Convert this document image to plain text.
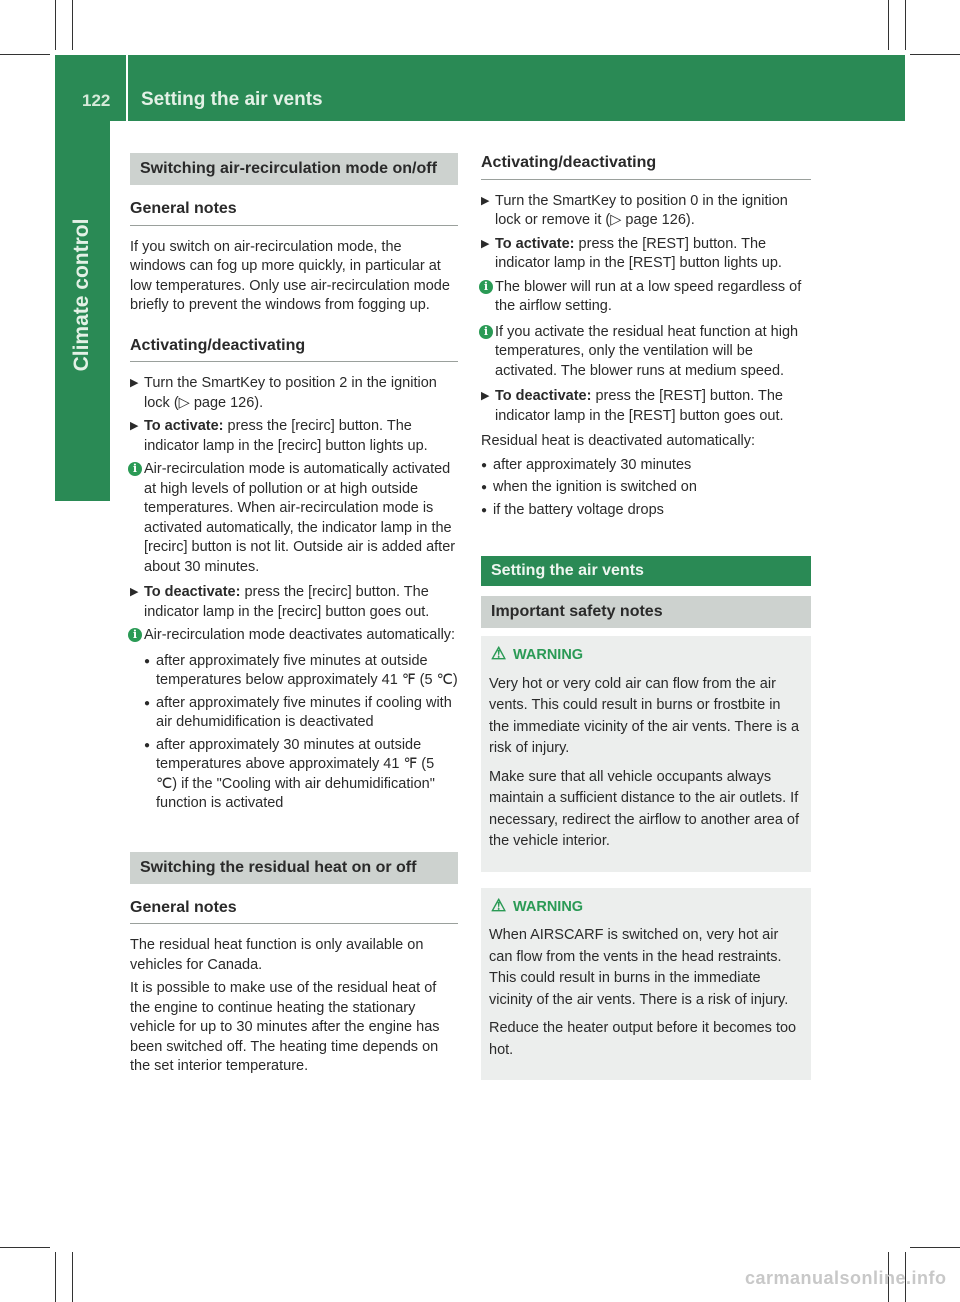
122 Setting the air vents
Climate control
Switching air-recirculation mode on/off
General notes

If you switch on air-recirculation mode, the windows can fog up more quickly, in particular at low temperatures. Only use air-recirculation mode briefly to prevent the windows from fogging up.

Activating/deactivating
▶ Turn the SmartKey to position 2 in the ignition lock (▷ page 126).
▶ To activate: press the [recirc] button. The indicator lamp in the [recirc] button lights up.
i Air-recirculation mode is automatically activated at high levels of pollution or at high outside temperatures. When air-recirculation mode is activated automatically, the indicator lamp in the [recirc] button is not lit. Outside air is added after about 30 minutes.
▶ To deactivate: press the [recirc] button. The indicator lamp in the [recirc] button goes out.
i Air-recirculation mode deactivates automatically:
● after approximately five minutes at outside temperatures below approximately 41 ℉ (5 ℃)
● after approximately five minutes if cooling with air dehumidification is deactivated
● after approximately 30 minutes at outside temperatures above approximately 41 ℉ (5 ℃) if the "Cooling with air dehumidification" function is activated
Switching the residual heat on or off
General notes

The residual heat function is only available on vehicles for Canada.

It is possible to make use of the residual heat of the engine to continue heating the stationary vehicle for up to 30 minutes after the engine has been switched off. The heating time depends on the set interior temperature.

Activating/deactivating
▶ Turn the SmartKey to position 0 in the ignition lock or remove it (▷ page 126).
▶ To activate: press the [REST] button. The indicator lamp in the [REST] button lights up.
i The blower will run at a low speed regardless of the airflow setting.
i If you activate the residual heat function at high temperatures, only the ventilation will be activated. The blower runs at medium speed.
▶ To deactivate: press the [REST] button. The indicator lamp in the [REST] button goes out.

Residual heat is deactivated automatically:

● after approximately 30 minutes
● when the ignition is switched on
● if the battery voltage drops
Setting the air vents
Important safety notes
⚠ WARNING

Very hot or very cold air can flow from the air vents. This could result in burns or frostbite in the immediate vicinity of the air vents. There is a risk of injury.

Make sure that all vehicle occupants always maintain a sufficient distance to the air outlets. If necessary, redirect the airflow to another area of the vehicle interior.

⚠ WARNING

When AIRSCARF is switched on, very hot air can flow from the vents in the head restraints. This could result in burns in the immediate vicinity of the air vents. There is a risk of injury.

Reduce the heater output before it becomes too hot.

carmanualsonline.info
